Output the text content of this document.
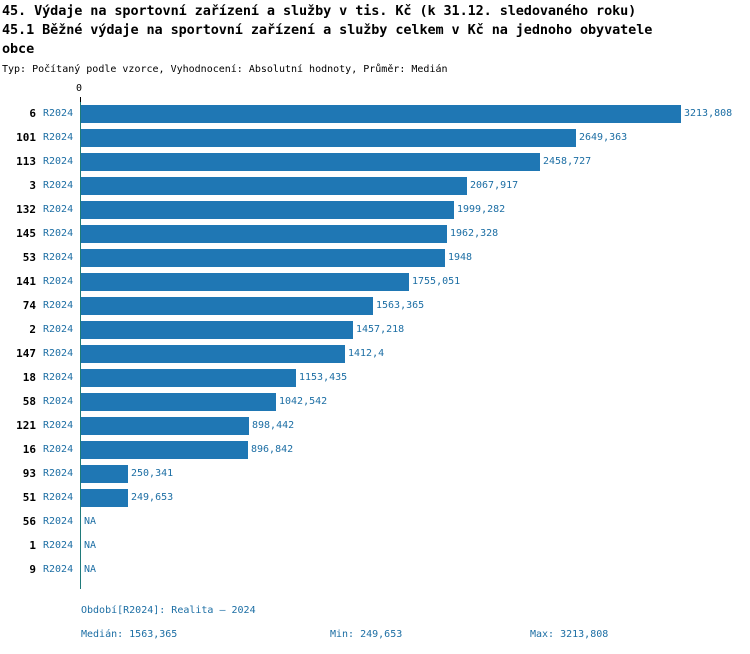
45. Výdaje na sportovní zařízení a služby v tis. Kč (k 31.12. sledovaného roku)
45.1 Běžné výdaje na sportovní zařízení a služby celkem v Kč na jednoho obyvatele
obce
Typ: Počítaný podle vzorce, Vyhodnocení: Absolutní hodnoty, Průměr: Medián
0
6 R2024	3213,808
101 R2024	2649,363
113 R2024	2458,727
3 R2024	2067,917
132 R2024	1999,282
145 R2024	1962,328
53 R2024	1948
141 R2024	1755,051
74 R2024	1563,365
2 R2024	1457,218
147 R2024	1412,4
18 R2024	1153,435
58 R2024	1042,542
121 R2024	898,442
16 R2024	896,842
93 R2024	250,341
51 R2024	249,653
56 R2024 NA
1 R2024 NA
9 R2024 NA
Období[R2024]: Realita — 2024
Medián: 1563,365	Min: 249,653	Max: 3213,808
